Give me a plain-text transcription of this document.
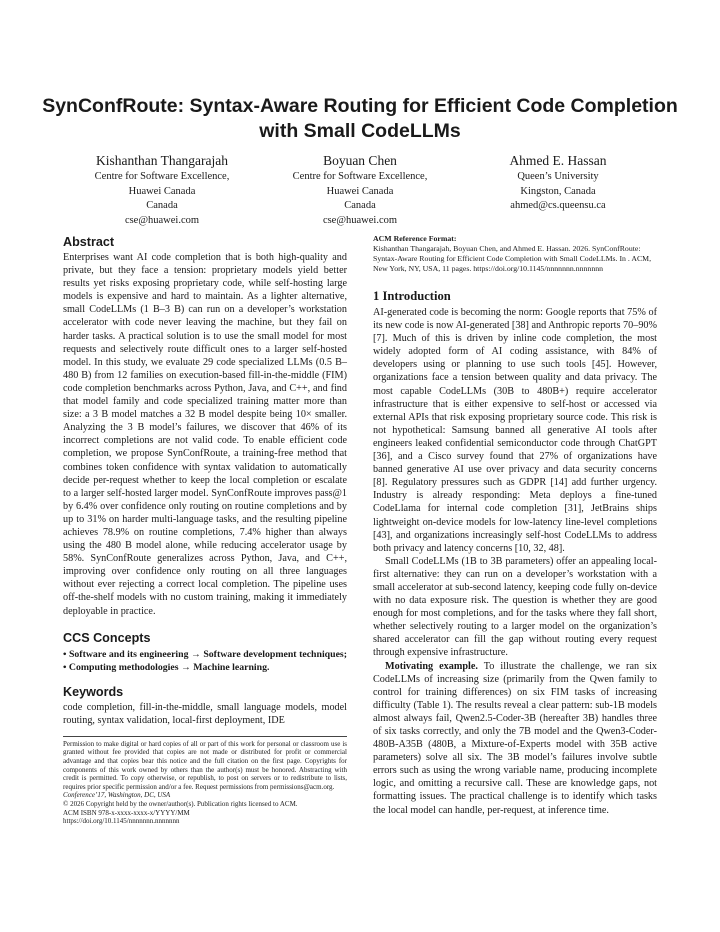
SynConfRoute: Syntax-Aware Routing for Efficient Code Completion with Small CodeLLMs
Kishanthan Thangarajah
Centre for Software Excellence,
Huawei Canada
Canada
cse@huawei.com
Boyuan Chen
Centre for Software Excellence,
Huawei Canada
Canada
cse@huawei.com
Ahmed E. Hassan
Queen’s University
Kingston, Canada
ahmed@cs.queensu.ca
Abstract

Enterprises want AI code completion that is both high-quality and private, but they face a tension: proprietary models yield better results yet risks exposing proprietary code, while self-hosting large models is expensive and hard to maintain. As a lighter alternative, small CodeLLMs (1 B–3 B) can run on a developer’s workstation accelerator with code never leaving the machine, but they fail on harder tasks. A practical solution is to use the small model for most requests and selectively route difficult ones to a larger self-hosted model. In this study, we evaluate 29 code specialized LLMs (0.5 B–480 B) from 12 families on execution-based fill-in-the-middle (FIM) code completion benchmarks across Python, Java, and C++, and find that model family and code specialized training matter more than size: a 3 B model matches a 32 B model despite being 10× smaller. Analyzing the 3 B model’s failures, we discover that 46% of its incorrect completions are not valid code. To enable efficient code completion, we propose SynConfRoute, a training-free method that combines token confidence with syntax validation to automatically decide per-request whether to keep the local completion or escalate to a larger self-hosted larger model. SynConfRoute improves pass@1 by 6.4% over confidence only routing on routine completions and by up to 31% on harder multi-language tasks, and the resulting pipeline achieves 78.9% on routine completions, 7.4% higher than always using the 480 B model alone, while reducing accelerator usage by 58%. SynConfRoute generalizes across Python, Java, and C++, improving over confidence only routing on all three languages without ever rejecting a correct local completion. The pipeline uses off-the-shelf models with no custom training, making it immediately deployable in practice.

CCS Concepts

• Software and its engineering → Software development techniques; • Computing methodologies → Machine learning.

Keywords

code completion, fill-in-the-middle, small language models, model routing, syntax validation, local-first deployment, IDE

Permission to make digital or hard copies of all or part of this work for personal or classroom use is granted without fee provided that copies are not made or distributed for profit or commercial advantage and that copies bear this notice and the full citation on the first page. Copyrights for components of this work owned by others than the author(s) must be honored. Abstracting with credit is permitted. To copy otherwise, or republish, to post on servers or to redistribute to lists, requires prior specific permission and/or a fee. Request permissions from permissions@acm.org.
Conference’17, Washington, DC, USA
© 2026 Copyright held by the owner/author(s). Publication rights licensed to ACM.
ACM ISBN 978-x-xxxx-xxxx-x/YYYY/MM
https://doi.org/10.1145/nnnnnnn.nnnnnnn
ACM Reference Format:
Kishanthan Thangarajah, Boyuan Chen, and Ahmed E. Hassan. 2026. SynConfRoute: Syntax-Aware Routing for Efficient Code Completion with Small CodeLLMs. In . ACM, New York, NY, USA, 11 pages. https://doi.org/10.1145/nnnnnnn.nnnnnnn
1 Introduction

AI-generated code is becoming the norm: Google reports that 75% of its new code is now AI-generated [38] and Anthropic reports 70–90% [7]. Much of this is driven by inline code completion, the most widely adopted form of AI coding assistance, with 84% of developers using or planning to use such tools [45]. However, organizations face a tension between quality and data privacy. The most capable CodeLLMs (30B to 480B+) require accelerator infrastructure that is either expensive to self-host or accessed via external APIs that risk exposing proprietary source code. This risk is not hypothetical: Samsung banned all generative AI tools after engineers leaked confidential semiconductor code through ChatGPT [36], and a Cisco survey found that 27% of organizations have banned generative AI use over privacy and data security concerns [8]. Regulatory pressures such as GDPR [14] add further urgency. Industry is already responding: Meta deploys a fine-tuned CodeLlama for internal code completion [31], JetBrains ships lightweight on-device models for low-latency line-level completions [43], and organizations increasingly self-host CodeLLMs to address both privacy and latency concerns [10, 32, 48].

Small CodeLLMs (1B to 3B parameters) offer an appealing local-first alternative: they can run on a developer’s workstation with a small accelerator at sub-second latency, keeping code fully on-device with no data exposure risk. The question is whether they are good enough for most completions, and for the tasks where they fall short, whether selectively routing to a larger model on the organization’s shared accelerator can fill the gap without routing every request through expensive infrastructure.

Motivating example. To illustrate the challenge, we ran six CodeLLMs of increasing size (primarily from the Qwen family to control for training differences) on six FIM tasks of increasing difficulty (Table 1). The results reveal a clear pattern: sub-1B models almost always fail, Qwen2.5-Coder-3B (hereafter 3B) handles three of six tasks correctly, and only the 7B model and the Qwen3-Coder-480B-A35B (480B, a Mixture-of-Experts model with 35B active parameters) solve all six. The 3B model’s failures involve subtle errors such as using the wrong variable name, producing incomplete logic, and omitting a recursive call. These are knowledge gaps, not formatting issues. The practical challenge is to identify which tasks the local model can handle, per-request, at inference time.
